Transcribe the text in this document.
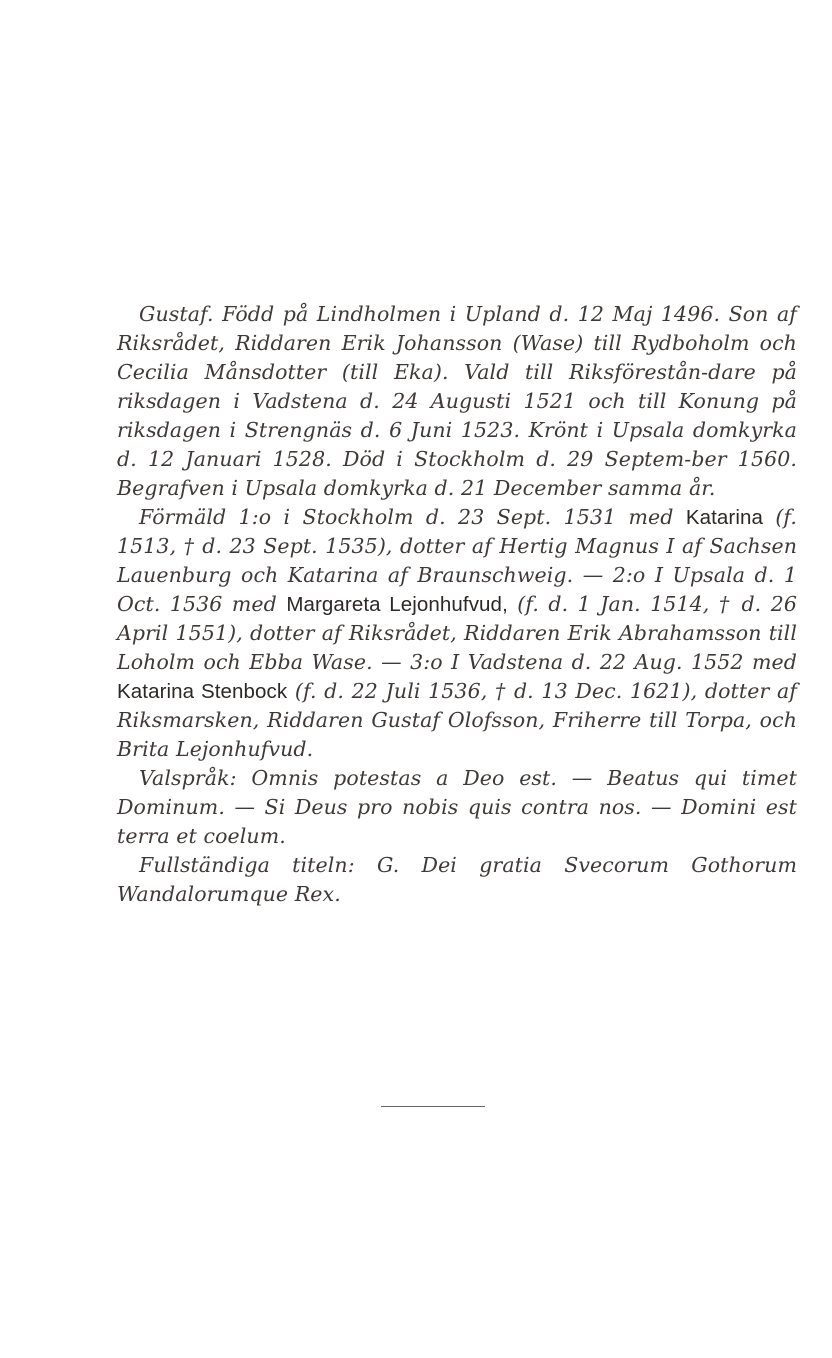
Gustaf. Född på Lindholmen i Upland d. 12 Maj 1496. Son af Riksrådet, Riddaren Erik Johansson (Wase) till Rydboholm och Cecilia Månsdotter (till Eka). Vald till Riksförestån-dare på riksdagen i Vadstena d. 24 Augusti 1521 och till Konung på riksdagen i Strengnäs d. 6 Juni 1523. Krönt i Upsala domkyrka d. 12 Januari 1528. Död i Stockholm d. 29 Septem-ber 1560. Begrafven i Upsala domkyrka d. 21 December samma år.

Förmäld 1:o i Stockholm d. 23 Sept. 1531 med Katarina (f. 1513, † d. 23 Sept. 1535), dotter af Hertig Magnus I af Sachsen Lauenburg och Katarina af Braunschweig. — 2:o I Upsala d. 1 Oct. 1536 med Margareta Lejonhufvud, (f. d. 1 Jan. 1514, † d. 26 April 1551), dotter af Riksrådet, Riddaren Erik Abrahamsson till Loholm och Ebba Wase. — 3:o I Vadstena d. 22 Aug. 1552 med Katarina Stenbock (f. d. 22 Juli 1536, † d. 13 Dec. 1621), dotter af Riksmarsken, Riddaren Gustaf Olofsson, Friherre till Torpa, och Brita Lejonhufvud.

Valspråk: Omnis potestas a Deo est. — Beatus qui timet Dominum. — Si Deus pro nobis quis contra nos. — Domini est terra et coelum.

Fullständiga titeln: G. Dei gratia Svecorum Gothorum Wandalorumque Rex.
